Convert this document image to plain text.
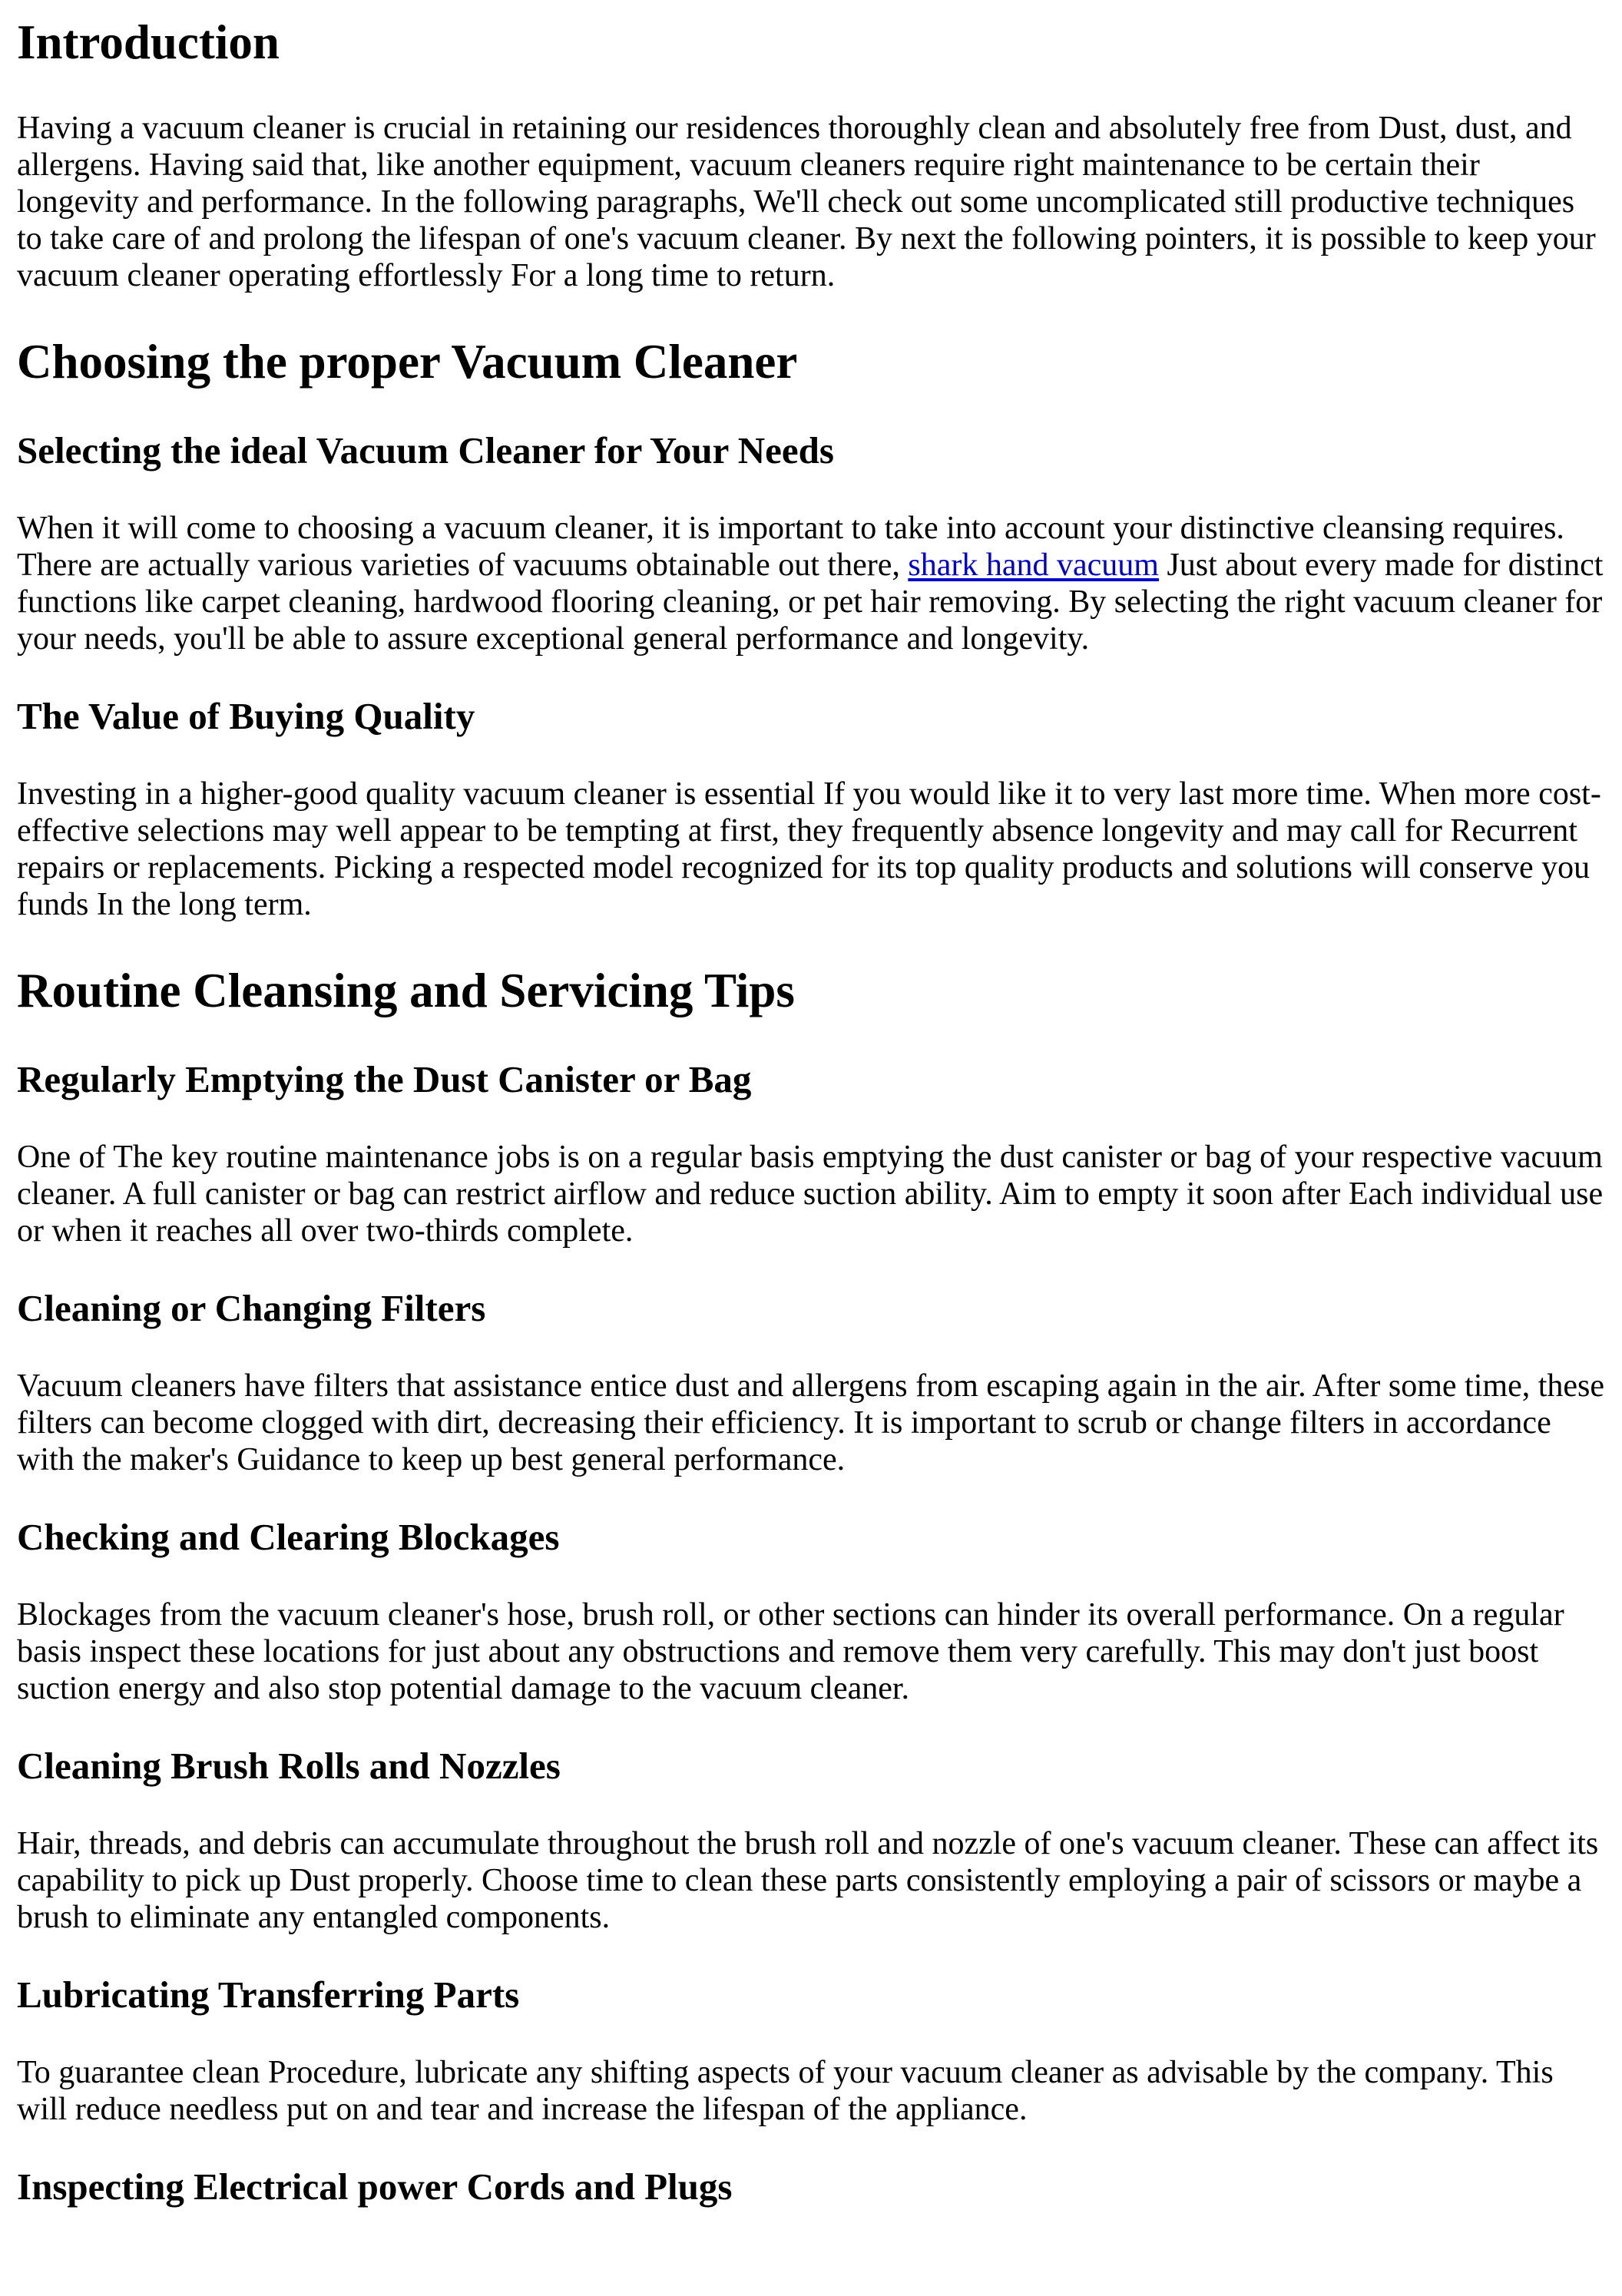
Introduction

Having a vacuum cleaner is crucial in retaining our residences thoroughly clean and absolutely free from Dust, dust, and allergens. Having said that, like another equipment, vacuum cleaners require right maintenance to be certain their longevity and performance. In the following paragraphs, We'll check out some uncomplicated still productive techniques to take care of and prolong the lifespan of one's vacuum cleaner. By next the following pointers, it is possible to keep your vacuum cleaner operating effortlessly For a long time to return.

Choosing the proper Vacuum Cleaner
Selecting the ideal Vacuum Cleaner for Your Needs

When it will come to choosing a vacuum cleaner, it is important to take into account your distinctive cleansing requires. There are actually various varieties of vacuums obtainable out there, shark hand vacuum Just about every made for distinct functions like carpet cleaning, hardwood flooring cleaning, or pet hair removing. By selecting the right vacuum cleaner for your needs, you'll be able to assure exceptional general performance and longevity.

The Value of Buying Quality

Investing in a higher-good quality vacuum cleaner is essential If you would like it to very last more time. When more cost-effective selections may well appear to be tempting at first, they frequently absence longevity and may call for Recurrent repairs or replacements. Picking a respected model recognized for its top quality products and solutions will conserve you funds In the long term.

Routine Cleansing and Servicing Tips
Regularly Emptying the Dust Canister or Bag

One of The key routine maintenance jobs is on a regular basis emptying the dust canister or bag of your respective vacuum cleaner. A full canister or bag can restrict airflow and reduce suction ability. Aim to empty it soon after Each individual use or when it reaches all over two-thirds complete.

Cleaning or Changing Filters

Vacuum cleaners have filters that assistance entice dust and allergens from escaping again in the air. After some time, these filters can become clogged with dirt, decreasing their efficiency. It is important to scrub or change filters in accordance with the maker's Guidance to keep up best general performance.

Checking and Clearing Blockages

Blockages from the vacuum cleaner's hose, brush roll, or other sections can hinder its overall performance. On a regular basis inspect these locations for just about any obstructions and remove them very carefully. This may don't just boost suction energy and also stop potential damage to the vacuum cleaner.

Cleaning Brush Rolls and Nozzles

Hair, threads, and debris can accumulate throughout the brush roll and nozzle of one's vacuum cleaner. These can affect its capability to pick up Dust properly. Choose time to clean these parts consistently employing a pair of scissors or maybe a brush to eliminate any entangled components.

Lubricating Transferring Parts

To guarantee clean Procedure, lubricate any shifting aspects of your vacuum cleaner as advisable by the company. This will reduce needless put on and tear and increase the lifespan of the appliance.

Inspecting Electrical power Cords and Plugs
